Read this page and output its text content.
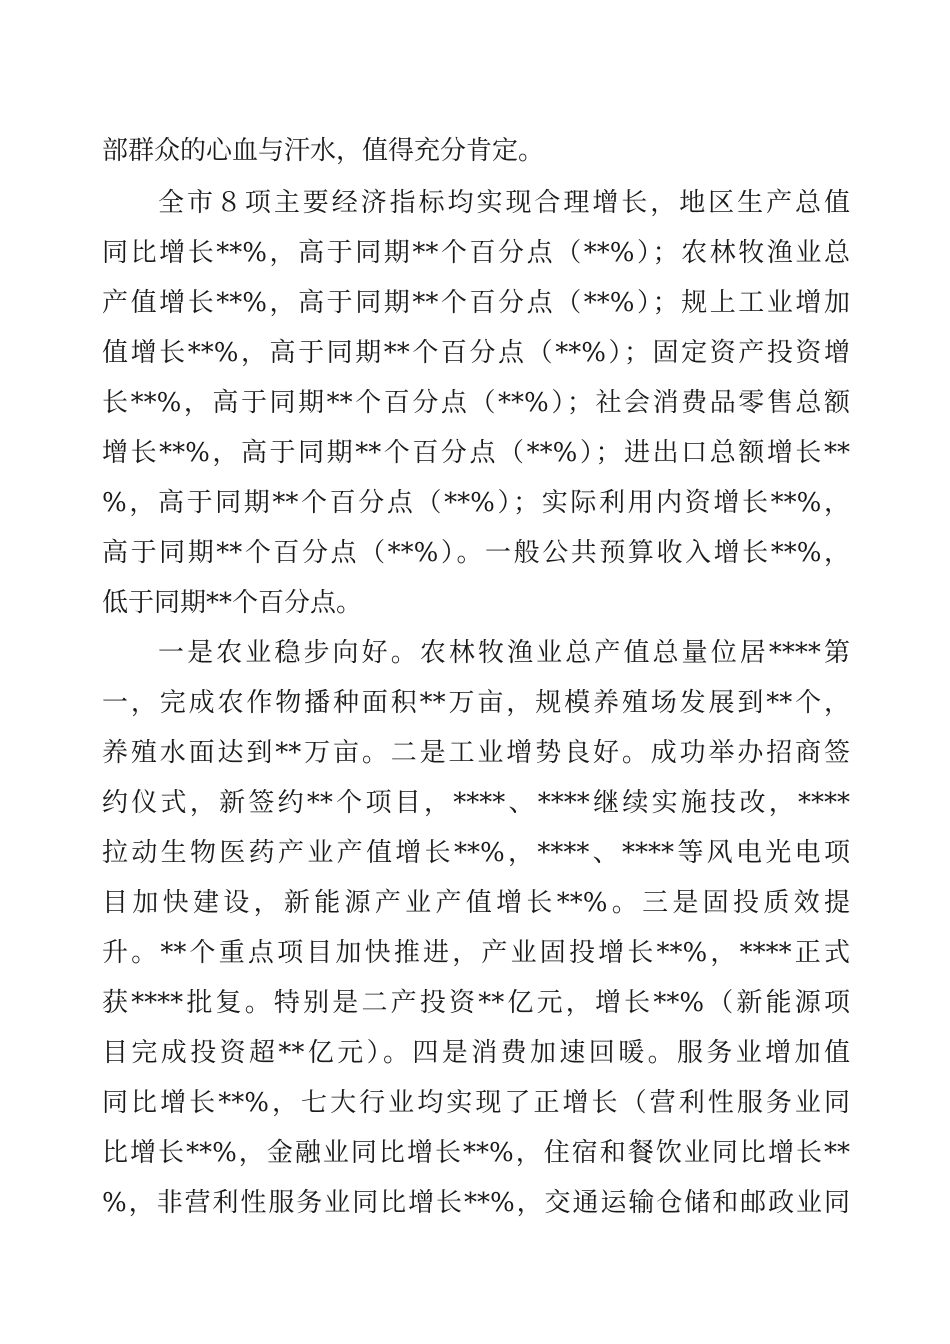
部群众的心血与汗水，值得充分肯定。
全市８项主要经济指标均实现合理增长，地区生产总值
同比增长**%，高于同期**个百分点（**%）；农林牧渔业总
产值增长**%，高于同期**个百分点（**%）；规上工业增加
值增长**%，高于同期**个百分点（**%）；固定资产投资增
长**%，高于同期**个百分点（**%）；社会消费品零售总额
增长**%，高于同期**个百分点（**%）；进出口总额增长**
%，高于同期**个百分点（**%）；实际利用内资增长**%，
高于同期**个百分点（**%）。一般公共预算收入增长**%，
低于同期**个百分点。
一是农业稳步向好。农林牧渔业总产值总量位居****第
一，完成农作物播种面积**万亩，规模养殖场发展到**个，
养殖水面达到**万亩。二是工业增势良好。成功举办招商签
约仪式，新签约**个项目，****、****继续实施技改，****
拉动生物医药产业产值增长**%，****、****等风电光电项
目加快建设，新能源产业产值增长**%。三是固投质效提
升。**个重点项目加快推进，产业固投增长**%，****正式
获****批复。特别是二产投资**亿元，增长**%（新能源项
目完成投资超**亿元）。四是消费加速回暖。服务业增加值
同比增长**%，七大行业均实现了正增长（营利性服务业同
比增长**%，金融业同比增长**%，住宿和餐饮业同比增长**
%，非营利性服务业同比增长**%，交通运输仓储和邮政业同
